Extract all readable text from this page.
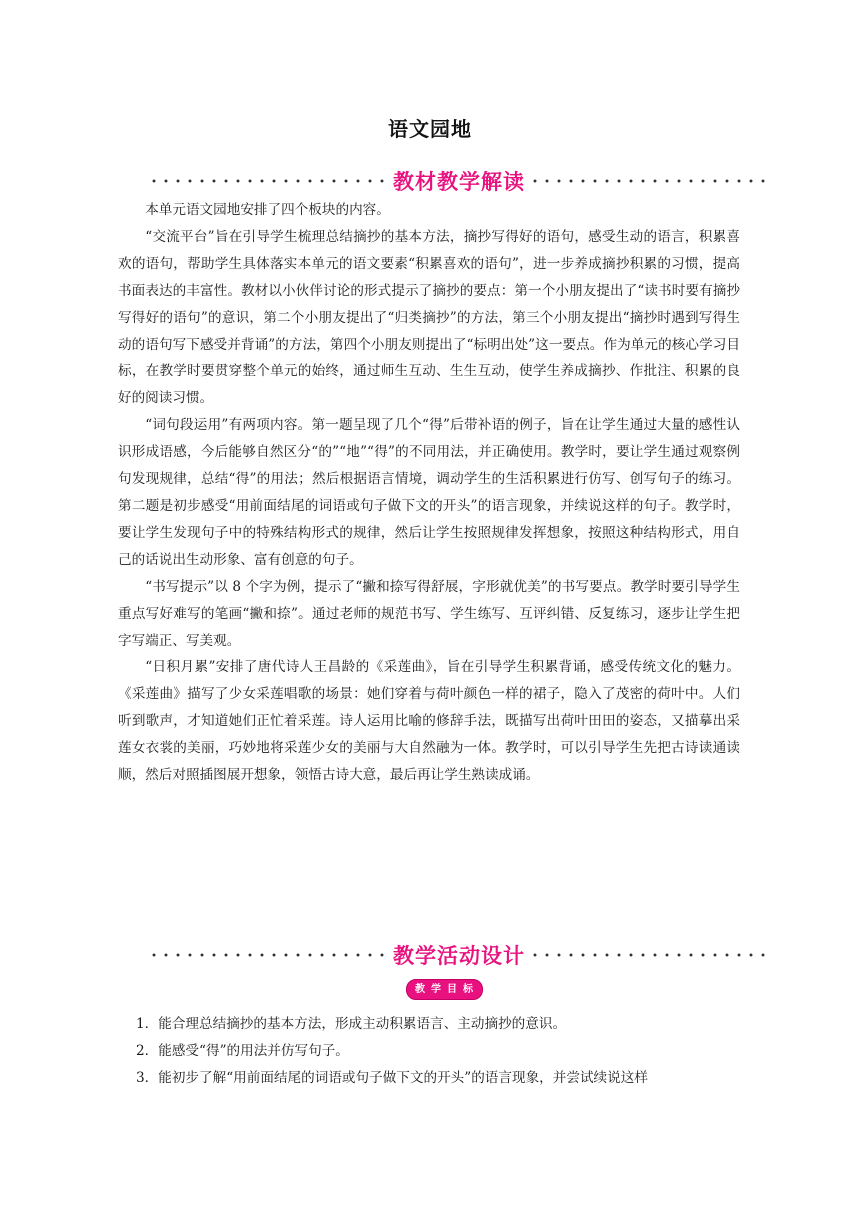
语文园地
教材教学解读

本单元语文园地安排了四个板块的内容。

“交流平台”旨在引导学生梳理总结摘抄的基本方法，摘抄写得好的语句，感受生动的语言，积累喜欢的语句，帮助学生具体落实本单元的语文要素“积累喜欢的语句”，进一步养成摘抄积累的习惯，提高书面表达的丰富性。教材以小伙伴讨论的形式提示了摘抄的要点：第一个小朋友提出了“读书时要有摘抄写得好的语句”的意识，第二个小朋友提出了“归类摘抄”的方法，第三个小朋友提出“摘抄时遇到写得生动的语句写下感受并背诵”的方法，第四个小朋友则提出了“标明出处”这一要点。作为单元的核心学习目标，在教学时要贯穿整个单元的始终，通过师生互动、生生互动，使学生养成摘抄、作批注、积累的良好的阅读习惯。

“词句段运用”有两项内容。第一题呈现了几个“得”后带补语的例子，旨在让学生通过大量的感性认识形成语感，今后能够自然区分“的”“地”“得”的不同用法，并正确使用。教学时，要让学生通过观察例句发现规律，总结“得”的用法；然后根据语言情境，调动学生的生活积累进行仿写、创写句子的练习。第二题是初步感受“用前面结尾的词语或句子做下文的开头”的语言现象，并续说这样的句子。教学时，要让学生发现句子中的特殊结构形式的规律，然后让学生按照规律发挥想象，按照这种结构形式，用自己的话说出生动形象、富有创意的句子。

“书写提示”以 8 个字为例，提示了“撇和捺写得舒展，字形就优美”的书写要点。教学时要引导学生重点写好难写的笔画“撇和捺”。通过老师的规范书写、学生练写、互评纠错、反复练习，逐步让学生把字写端正、写美观。

“日积月累”安排了唐代诗人王昌龄的《采莲曲》，旨在引导学生积累背诵，感受传统文化的魅力。《采莲曲》描写了少女采莲唱歌的场景：她们穿着与荷叶颜色一样的裙子，隐入了茂密的荷叶中。人们听到歌声，才知道她们正忙着采莲。诗人运用比喻的修辞手法，既描写出荷叶田田的姿态，又描摹出采莲女衣裳的美丽，巧妙地将采莲少女的美丽与大自然融为一体。教学时，可以引导学生先把古诗读通读顺，然后对照插图展开想象，领悟古诗大意，最后再让学生熟读成诵。

教学活动设计
教 学 目 标
1．能合理总结摘抄的基本方法，形成主动积累语言、主动摘抄的意识。
2．能感受“得”的用法并仿写句子。
3．能初步了解“用前面结尾的词语或句子做下文的开头”的语言现象，并尝试续说这样
